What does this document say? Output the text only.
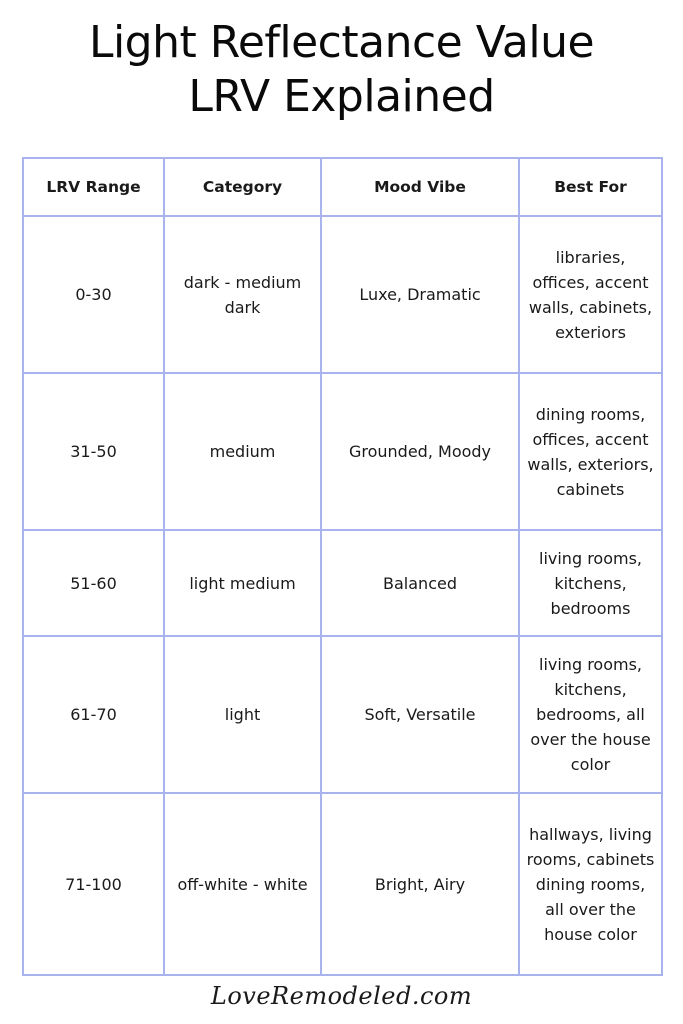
Light Reflectance Value
LRV Explained
LRV Range	Category	Mood Vibe	Best For
0-30	dark - medium dark	Luxe, Dramatic	libraries, offices, accent walls, cabinets, exteriors
31-50	medium	Grounded, Moody	dining rooms, offices, accent walls, exteriors, cabinets
51-60	light medium	Balanced	living rooms, kitchens, bedrooms
61-70	light	Soft, Versatile	living rooms, kitchens, bedrooms, all over the house color
71-100	off-white - white	Bright, Airy	hallways, living rooms, cabinets dining rooms, all over the house color
LoveRemodeled.com
